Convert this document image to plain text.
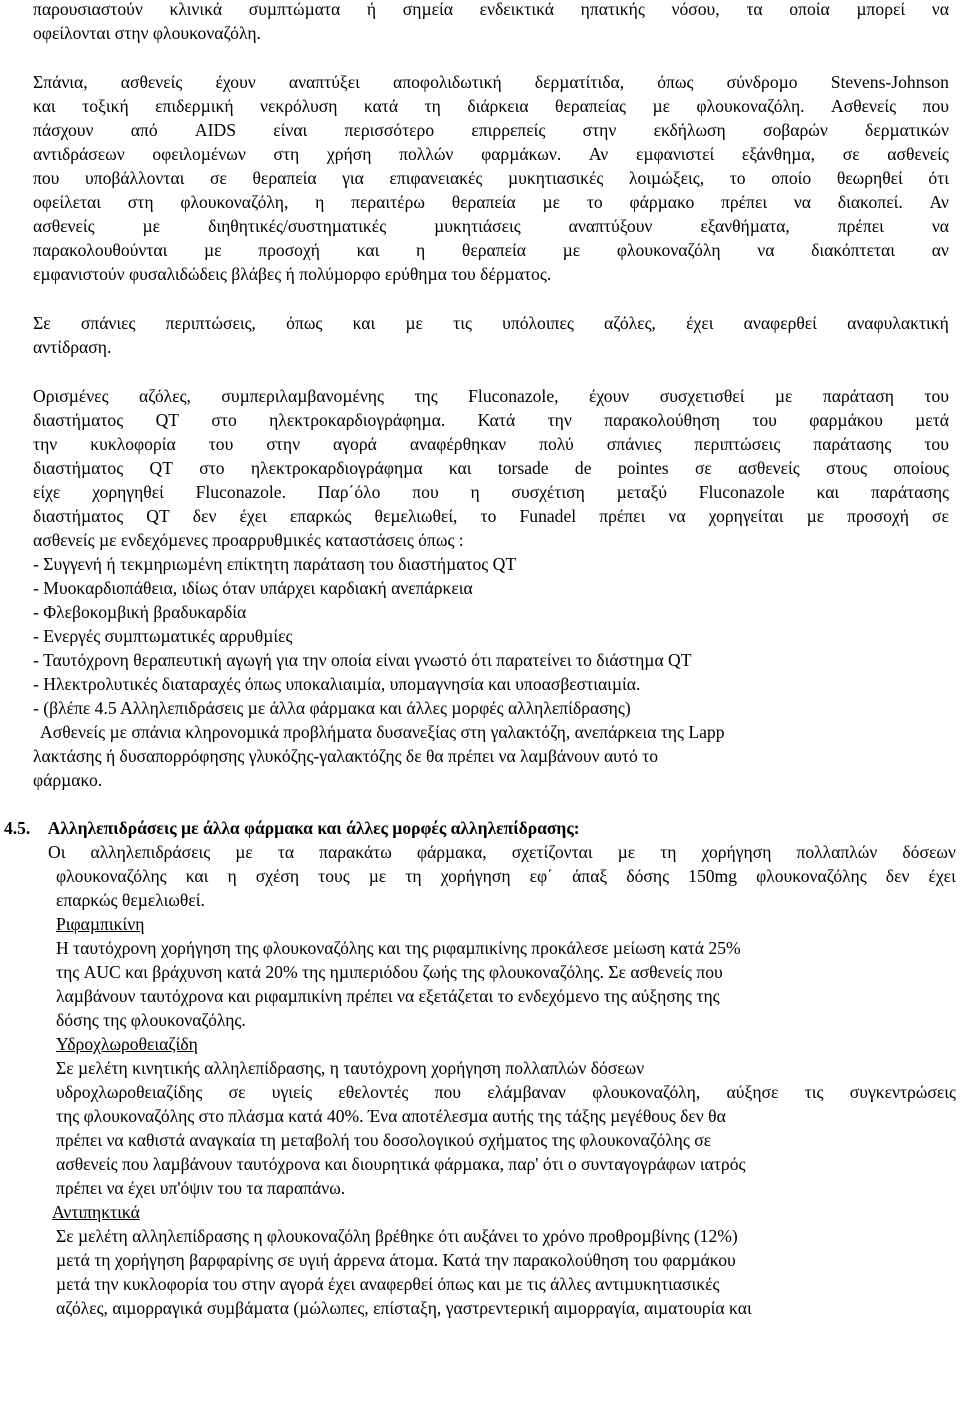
παρουσιαστούν κλινικά συµπτώµατα ή σηµεία ενδεικτικά ηπατικής νόσου, τα οποία µπορεί να
οφείλονται στην φλουκοναζόλη.
Σπάνια, ασθενείς έχουν αναπτύξει αποφολιδωτική δερµατίτιδα, όπως σύνδροµο Stevens-Johnson
και τοξική επιδερµική νεκρόλυση κατά τη διάρκεια θεραπείας µε φλουκοναζόλη. Ασθενείς που
πάσχουν από AIDS είναι περισσότερο επιρρεπείς στην εκδήλωση σοβαρών δερµατικών
αντιδράσεων οφειλοµένων στη χρήση πολλών φαρµάκων. Αν εµφανιστεί εξάνθηµα, σε ασθενείς
που υποβάλλονται σε θεραπεία για επιφανειακές µυκητιασικές λοιµώξεις, το οποίο θεωρηθεί ότι
οφείλεται στη φλουκοναζόλη, η περαιτέρω θεραπεία µε το φάρµακο πρέπει να διακοπεί. Αν
ασθενείς	µε	διηθητικές/συστηµατικές	µυκητιάσεις	αναπτύξουν	εξανθήµατα,	πρέπει	να
παρακολουθούνται µε προσοχή και η θεραπεία µε φλουκοναζόλη να διακόπτεται αν
εµφανιστούν φυσαλιδώδεις βλάβες ή πολύµορφο ερύθηµα του δέρµατος.
Σε σπάνιες περιπτώσεις, όπως και µε τις υπόλοιπες αζόλες, έχει αναφερθεί αναφυλακτική
αντίδραση.
Ορισµένες αζόλες, συµπεριλαµβανοµένης της Fluconazole, έχουν συσχετισθεί µε παράταση του
διαστήµατος QT στο ηλεκτροκαρδιογράφηµα. Κατά την παρακολούθηση του φαρµάκου µετά
την κυκλοφορία του στην αγορά αναφέρθηκαν πολύ σπάνιες περιπτώσεις παράτασης του
διαστήµατος QT στο ηλεκτροκαρδιογράφηµα και torsade de pointes σε ασθενείς στους οποίους
είχε χορηγηθεί Fluconazole. Παρ΄όλο που η συσχέτιση µεταξύ Fluconazole και παράτασης
διαστήµατος QT δεν έχει επαρκώς θεµελιωθεί, το Funadel πρέπει να χορηγείται µε προσοχή σε
ασθενείς µε ενδεχόµενες προαρρυθµικές καταστάσεις όπως :
- Συγγενή ή τεκµηριωµένη επίκτητη παράταση του διαστήµατος QT
- Μυοκαρδιοπάθεια, ιδίως όταν υπάρχει καρδιακή ανεπάρκεια
- Φλεβοκοµβική βραδυκαρδία
- Ενεργές συµπτωµατικές αρρυθµίες
- Ταυτόχρονη θεραπευτική αγωγή για την οποία είναι γνωστό ότι παρατείνει το διάστηµα QT
- Ηλεκτρολυτικές διαταραχές όπως υποκαλιαιµία, υποµαγνησία και υποασβεστιαιµία.
- (βλέπε 4.5 Αλληλεπιδράσεις µε άλλα φάρµακα και άλλες µορφές αλληλεπίδρασης)
Ασθενείς µε σπάνια κληρονοµικά προβλήµατα δυσανεξίας στη γαλακτόζη, ανεπάρκεια της Lapp
λακτάσης ή δυσαπορρόφησης γλυκόζης-γαλακτόζης δε θα πρέπει να λαµβάνουν αυτό το
φάρµακο.
4.5. Αλληλεπιδράσεις µε άλλα φάρµακα και άλλες µορφές αλληλεπίδρασης:
Οι αλληλεπιδράσεις µε τα παρακάτω φάρµακα, σχετίζονται µε τη χορήγηση πολλαπλών δόσεων
φλουκοναζόλης και η σχέση τους µε τη χορήγηση εφ΄ άπαξ δόσης 150mg φλουκοναζόλης δεν έχει
επαρκώς θεµελιωθεί.
Ριφαµπικίνη
Η ταυτόχρονη χορήγηση της φλουκοναζόλης και της ριφαµπικίνης προκάλεσε µείωση κατά 25%
της AUC και βράχυνση κατά 20% της ηµιπεριόδου ζωής της φλουκοναζόλης. Σε ασθενείς που
λαµβάνουν ταυτόχρονα και ριφαµπικίνη πρέπει να εξετάζεται το ενδεχόµενο της αύξησης της
δόσης της φλουκοναζόλης.
Υδροχλωροθειαζίδη
Σε µελέτη κινητικής αλληλεπίδρασης, η ταυτόχρονη χορήγηση πολλαπλών δόσεων
υδροχλωροθειαζίδης σε υγιείς εθελοντές που ελάµβαναν φλουκοναζόλη, αύξησε τις συγκεντρώσεις
της φλουκοναζόλης στο πλάσµα κατά 40%. Ένα αποτέλεσµα αυτής της τάξης µεγέθους δεν θα
πρέπει να καθιστά αναγκαία τη µεταβολή του δοσολογικού σχήµατος της φλουκοναζόλης σε
ασθενείς που λαµβάνουν ταυτόχρονα και διουρητικά φάρµακα, παρ' ότι ο συνταγογράφων ιατρός
πρέπει να έχει υπ'όψιν του τα παραπάνω.
Αντιπηκτικά
Σε µελέτη αλληλεπίδρασης η φλουκοναζόλη βρέθηκε ότι αυξάνει το χρόνο προθροµβίνης (12%)
µετά τη χορήγηση βαρφαρίνης σε υγιή άρρενα άτοµα. Κατά την παρακολούθηση του φαρµάκου
µετά την κυκλοφορία του στην αγορά έχει αναφερθεί όπως και µε τις άλλες αντιµυκητιασικές
αζόλες, αιµορραγικά συµβάµατα (µώλωπες, επίσταξη, γαστρεντερική αιµορραγία, αιµατουρία και
